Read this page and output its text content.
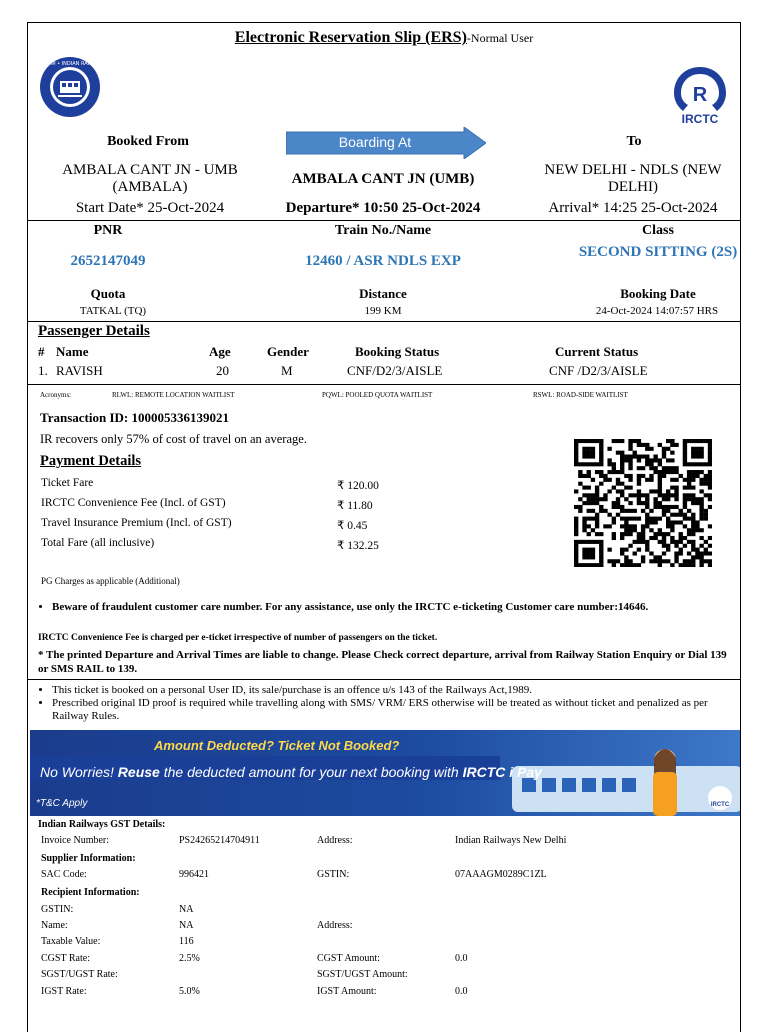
Electronic Reservation Slip (ERS)-Normal User
भारतीय रेल • INDIAN RAILWAYS
R
IRCTC
Booked From	Boarding At	To
AMBALA CANT JN - UMB (AMBALA)
Start Date* 25-Oct-2024
AMBALA CANT JN (UMB)
Departure* 10:50 25-Oct-2024
NEW DELHI - NDLS (NEW DELHI)
Arrival* 14:25 25-Oct-2024
PNR	Train No./Name	Class
2652147049	12460 / ASR NDLS EXP
SECOND SITTING (2S)
Quota	Distance	Booking Date
TATKAL (TQ)	199 KM	24-Oct-2024 14:07:57 HRS
Passenger Details
# Name	Age	Gender	Booking Status	Current Status
1. RAVISH	20	M	CNF/D2/3/AISLE	CNF /D2/3/AISLE
Acronyms:	RLWL: REMOTE LOCATION WAITLIST	PQWL: POOLED QUOTA WAITLIST	RSWL: ROAD-SIDE WAITLIST
Transaction ID: 100005336139021
IR recovers only 57% of cost of travel on an average.
Payment Details
Ticket Fare	₹ 120.00
IRCTC Convenience Fee (Incl. of GST)	₹ 11.80
Travel Insurance Premium (Incl. of GST)	₹ 0.45
Total Fare (all inclusive)	₹ 132.25
PG Charges as applicable (Additional)
• Beware of fraudulent customer care number. For any assistance, use only the IRCTC e-ticketing Customer care number:14646.
IRCTC Convenience Fee is charged per e-ticket irrespective of number of passengers on the ticket.
* The printed Departure and Arrival Times are liable to change. Please Check correct departure, arrival from Railway Station Enquiry or Dial 139 or SMS RAIL to 139.
• This ticket is booked on a personal User ID, its sale/purchase is an offence u/s 143 of the Railways Act,1989.
• Prescribed original ID proof is required while travelling along with SMS/ VRM/ ERS otherwise will be treated as without ticket and penalized as per Railway Rules.
Amount Deducted? Ticket Not Booked?
No Worries! Reuse the deducted amount for your next booking with IRCTC i Pay
*T&C Apply	IRCTC
Indian Railways GST Details:
Invoice Number:	PS24265214704911	Address:	Indian Railways New Delhi
Supplier Information:
SAC Code:	996421	GSTIN:	07AAAGM0289C1ZL
Recipient Information:
GSTIN:	NA
Name:	NA	Address:
Taxable Value:	116
CGST Rate:	2.5%	CGST Amount:	0.0
SGST/UGST Rate:	SGST/UGST Amount:
IGST Rate:	5.0%	IGST Amount:	0.0
